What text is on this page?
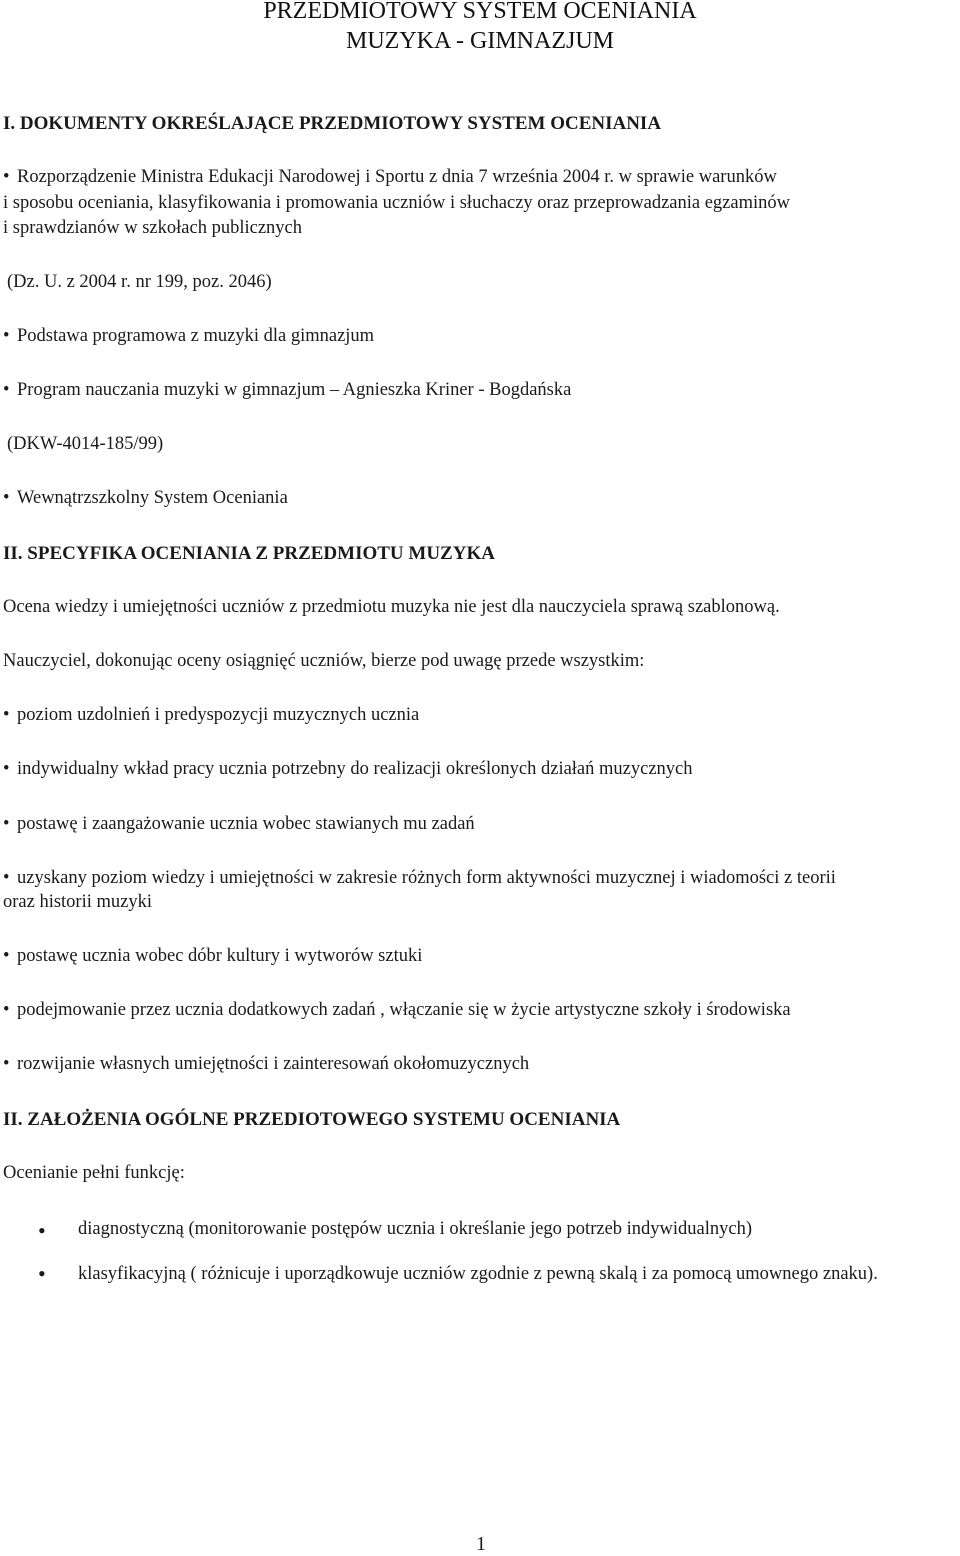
PRZEDMIOTOWY SYSTEM OCENIANIA
MUZYKA - GIMNAZJUM
I. DOKUMENTY OKREŚLAJĄCE PRZEDMIOTOWY SYSTEM OCENIANIA
•Rozporządzenie Ministra Edukacji Narodowej i Sportu z dnia 7 września 2004 r. w sprawie warunków
i sposobu oceniania, klasyfikowania i promowania uczniów i słuchaczy oraz przeprowadzania egzaminów
i sprawdzianów w szkołach publicznych
(Dz. U. z 2004 r. nr 199, poz. 2046)
•Podstawa programowa z muzyki dla gimnazjum
•Program nauczania muzyki w gimnazjum – Agnieszka Kriner - Bogdańska
(DKW-4014-185/99)
•Wewnątrzszkolny System Oceniania
II. SPECYFIKA OCENIANIA Z PRZEDMIOTU MUZYKA
Ocena wiedzy i umiejętności uczniów z przedmiotu muzyka nie jest dla nauczyciela sprawą szablonową.
Nauczyciel, dokonując oceny osiągnięć uczniów, bierze pod uwagę przede wszystkim:
•poziom uzdolnień i predyspozycji muzycznych ucznia
•indywidualny wkład pracy ucznia potrzebny do realizacji określonych działań muzycznych
•postawę i zaangażowanie ucznia wobec stawianych mu zadań
•uzyskany poziom wiedzy i umiejętności w zakresie różnych form aktywności muzycznej i wiadomości z teorii
oraz historii muzyki
•postawę ucznia wobec dóbr kultury i wytworów sztuki
•podejmowanie przez ucznia dodatkowych zadań , włączanie się w życie artystyczne szkoły i środowiska
•rozwijanie własnych umiejętności i zainteresowań okołomuzycznych
II. ZAŁOŻENIA OGÓLNE PRZEDIOTOWEGO SYSTEMU OCENIANIA
Ocenianie pełni funkcję:
• diagnostyczną (monitorowanie postępów ucznia i określanie jego potrzeb indywidualnych)
• klasyfikacyjną ( różnicuje i uporządkowuje uczniów zgodnie z pewną skalą i za pomocą umownego znaku).
1
